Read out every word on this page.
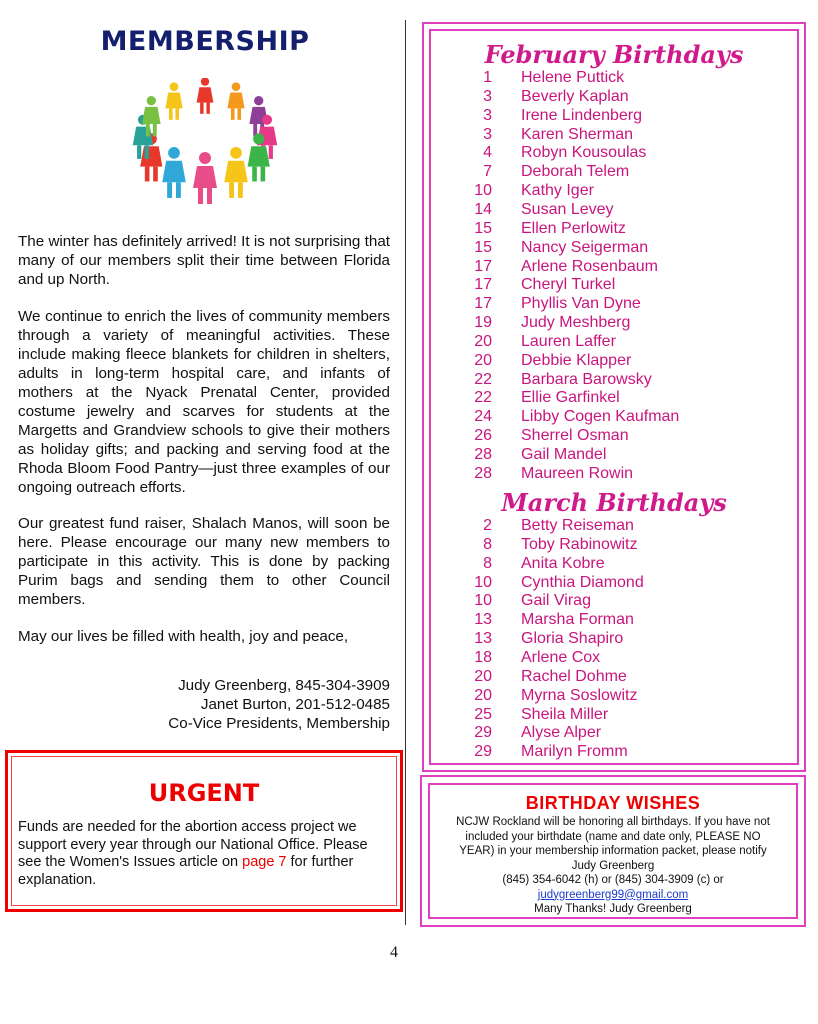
MEMBERSHIP
The winter has definitely arrived! It is not surprising that many of our members split their time between Florida and up North.
We continue to enrich the lives of community members through a variety of meaningful activities. These include making fleece blankets for children in shelters, adults in long-term hospital care, and infants of mothers at the Nyack Prenatal Center, provided costume jewelry and scarves for students at the Margetts and Grandview schools to give their mothers as holiday gifts; and packing and serving food at the Rhoda Bloom Food Pantry—just three examples of our ongoing outreach efforts.
Our greatest fund raiser, Shalach Manos, will soon be here. Please encourage our many new members to participate in this activity. This is done by packing Purim bags and sending them to other Council members.
May our lives be filled with health, joy and peace,
Judy Greenberg, 845-304-3909
Janet Burton, 201-512-0485
Co-Vice Presidents, Membership
URGENT

Funds are needed for the abortion access project we support every year through our National Office. Please see the Women's Issues article on page 7 for further explanation.

February Birthdays
1 Helene Puttick
3 Beverly Kaplan
3 Irene Lindenberg
3 Karen Sherman
4 Robyn Kousoulas
7 Deborah Telem
10 Kathy Iger
14 Susan Levey
15 Ellen Perlowitz
15 Nancy Seigerman
17 Arlene Rosenbaum
17 Cheryl Turkel
17 Phyllis Van Dyne
19 Judy Meshberg
20 Lauren Laffer
20 Debbie Klapper
22 Barbara Barowsky
22 Ellie Garfinkel
24 Libby Cogen Kaufman
26 Sherrel Osman
28 Gail Mandel
28 Maureen Rowin
March Birthdays
2 Betty Reiseman
8 Toby Rabinowitz
8 Anita Kobre
10 Cynthia Diamond
10 Gail Virag
13 Marsha Forman
13 Gloria Shapiro
18 Arlene Cox
20 Rachel Dohme
20 Myrna Soslowitz
25 Sheila Miller
29 Alyse Alper
29 Marilyn Fromm
BIRTHDAY WISHES
NCJW Rockland will be honoring all birthdays. If you have not
included your birthdate (name and date only, PLEASE NO
YEAR) in your membership information packet, please notify
Judy Greenberg
(845) 354-6042 (h) or (845) 304-3909 (c) or
judygreenberg99@gmail.com
Many Thanks! Judy Greenberg
4
